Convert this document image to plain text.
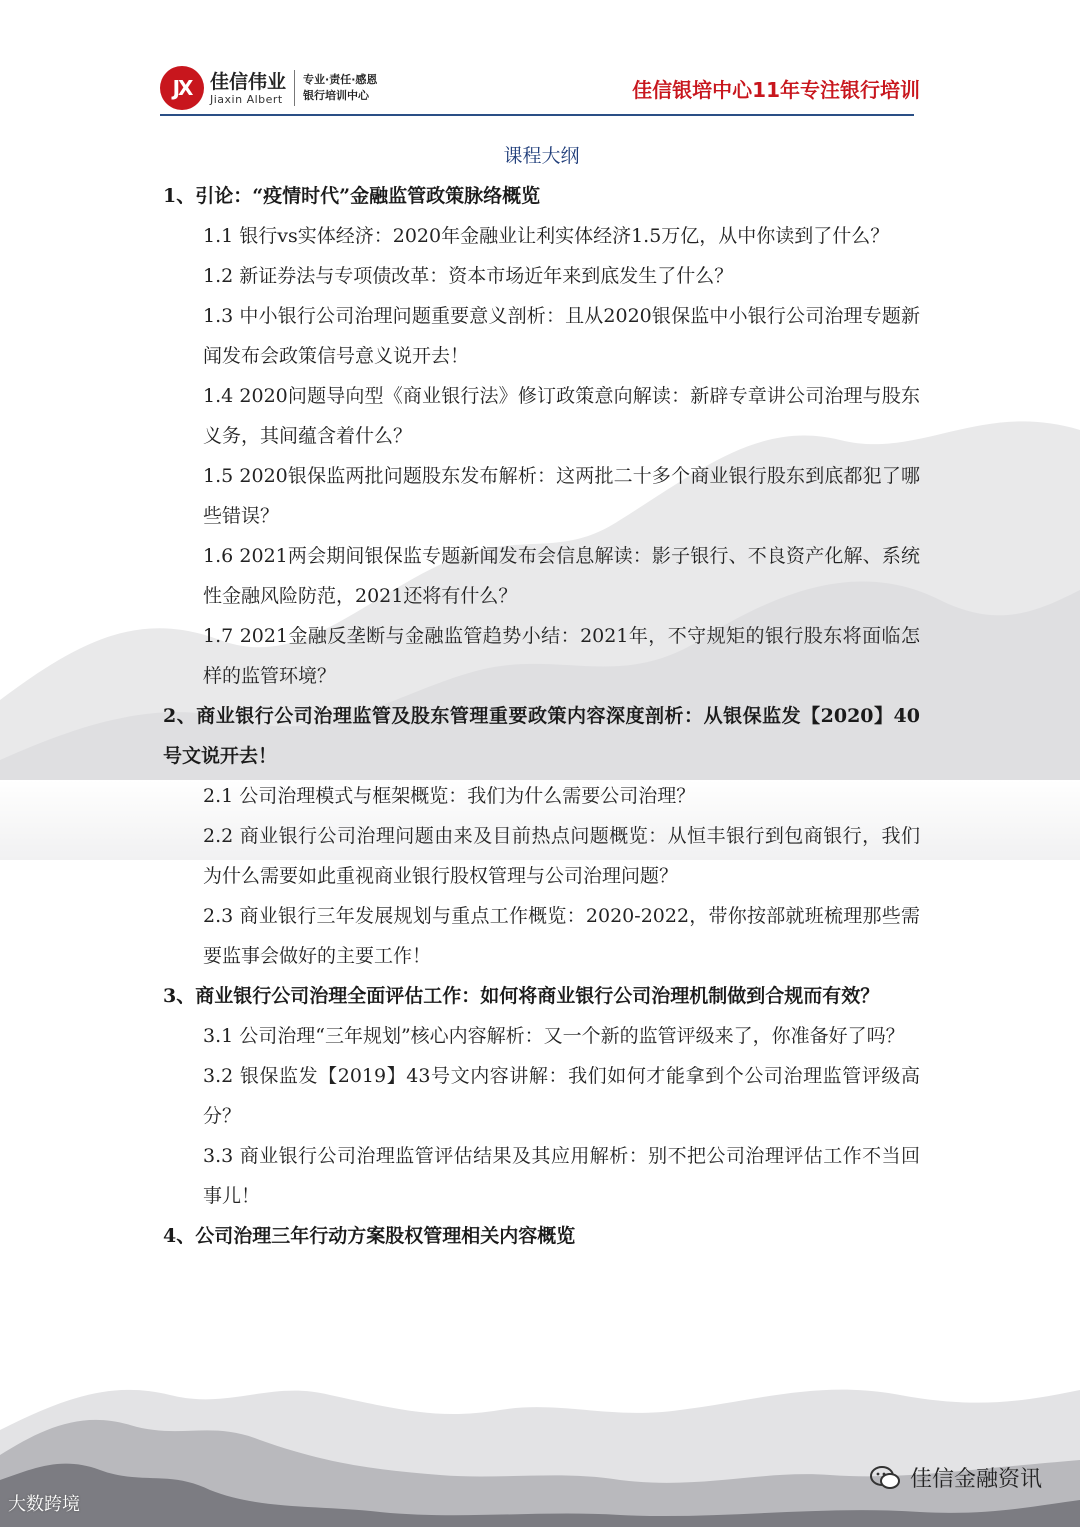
JX 佳信伟业
Jiaxin Albert
专业·责任·感恩
银行培训中心	佳信银培中心11年专注银行培训
课程大纲
1、引论：“疫情时代”金融监管政策脉络概览
1.1 银行vs实体经济：2020年金融业让利实体经济1.5万亿，从中你读到了什么？
1.2 新证券法与专项债改革：资本市场近年来到底发生了什么？
1.3 中小银行公司治理问题重要意义剖析：且从2020银保监中小银行公司治理专题新闻发布会政策信号意义说开去！
1.4 2020问题导向型《商业银行法》修订政策意向解读：新辟专章讲公司治理与股东义务，其间蕴含着什么？
1.5 2020银保监两批问题股东发布解析：这两批二十多个商业银行股东到底都犯了哪些错误？
1.6 2021两会期间银保监专题新闻发布会信息解读：影子银行、不良资产化解、系统性金融风险防范，2021还将有什么？
1.7 2021金融反垄断与金融监管趋势小结：2021年，不守规矩的银行股东将面临怎样的监管环境？
2、商业银行公司治理监管及股东管理重要政策内容深度剖析：从银保监发【2020】40号文说开去！
2.1 公司治理模式与框架概览：我们为什么需要公司治理？
2.2 商业银行公司治理问题由来及目前热点问题概览：从恒丰银行到包商银行，我们为什么需要如此重视商业银行股权管理与公司治理问题？
2.3 商业银行三年发展规划与重点工作概览：2020-2022，带你按部就班梳理那些需要监事会做好的主要工作！
3、商业银行公司治理全面评估工作：如何将商业银行公司治理机制做到合规而有效？
3.1 公司治理“三年规划”核心内容解析：又一个新的监管评级来了，你准备好了吗？
3.2 银保监发【2019】43号文内容讲解：我们如何才能拿到个公司治理监管评级高分？
3.3 商业银行公司治理监管评估结果及其应用解析：别不把公司治理评估工作不当回事儿！
4、公司治理三年行动方案股权管理相关内容概览
大数跨境
佳信金融资讯
